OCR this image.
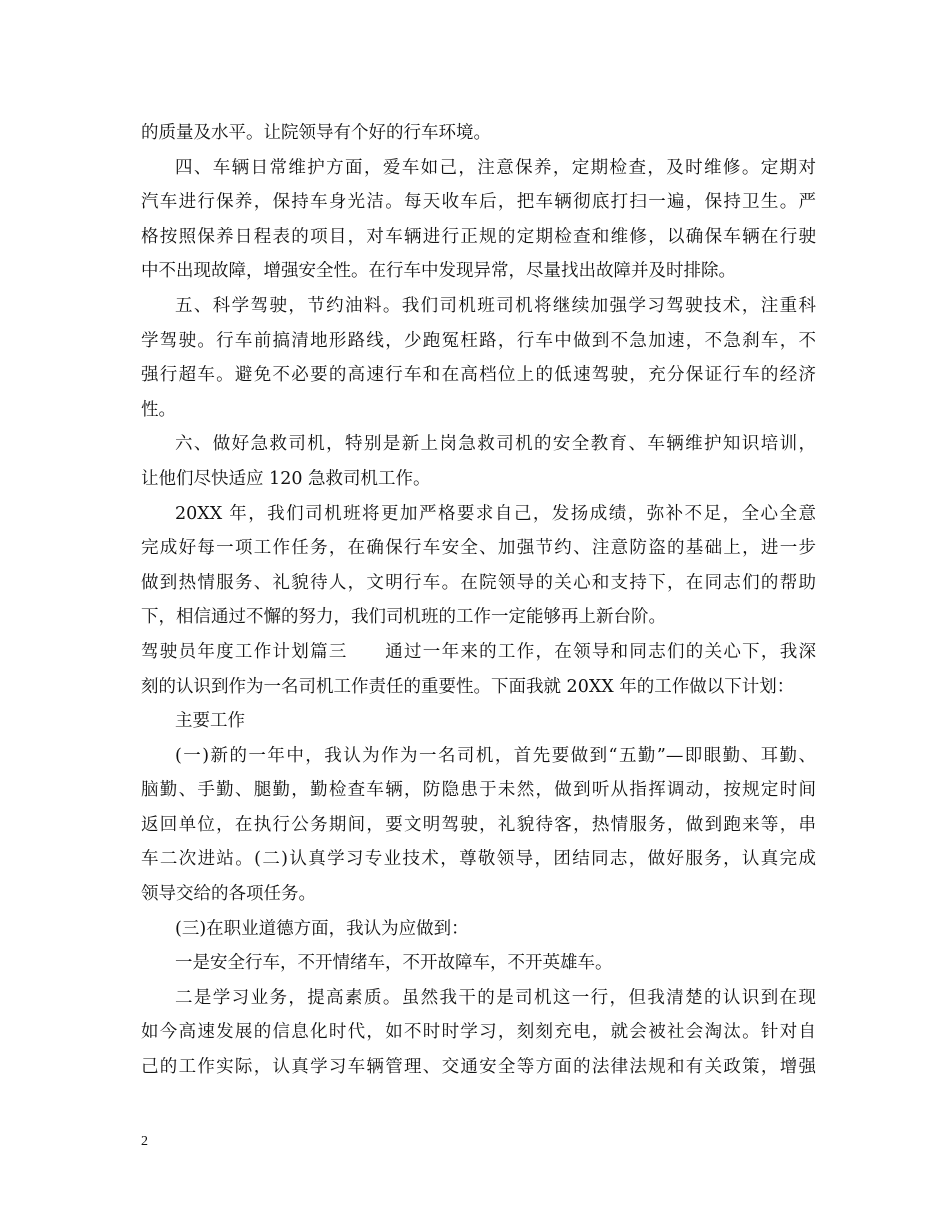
的质量及水平。让院领导有个好的行车环境。
四、车辆日常维护方面，爱车如己，注意保养，定期检查，及时维修。定期对
汽车进行保养，保持车身光洁。每天收车后，把车辆彻底打扫一遍，保持卫生。严
格按照保养日程表的项目，对车辆进行正规的定期检查和维修，以确保车辆在行驶
中不出现故障，增强安全性。在行车中发现异常，尽量找出故障并及时排除。
五、科学驾驶，节约油料。我们司机班司机将继续加强学习驾驶技术，注重科
学驾驶。行车前搞清地形路线，少跑冤枉路，行车中做到不急加速，不急刹车，不
强行超车。避免不必要的高速行车和在高档位上的低速驾驶，充分保证行车的经济
性。
六、做好急救司机，特别是新上岗急救司机的安全教育、车辆维护知识培训，
让他们尽快适应 120 急救司机工作。
20XX 年，我们司机班将更加严格要求自己，发扬成绩，弥补不足，全心全意
完成好每一项工作任务，在确保行车安全、加强节约、注意防盗的基础上，进一步
做到热情服务、礼貌待人，文明行车。在院领导的关心和支持下，在同志们的帮助
下，相信通过不懈的努力，我们司机班的工作一定能够再上新台阶。
驾驶员年度工作计划篇三　　通过一年来的工作，在领导和同志们的关心下，我深
刻的认识到作为一名司机工作责任的重要性。下面我就 20XX 年的工作做以下计划：
主要工作
(一)新的一年中，我认为作为一名司机，首先要做到“五勤”—即眼勤、耳勤、
脑勤、手勤、腿勤，勤检查车辆，防隐患于未然，做到听从指挥调动，按规定时间
返回单位，在执行公务期间，要文明驾驶，礼貌待客，热情服务，做到跑来等，串
车二次进站。(二)认真学习专业技术，尊敬领导，团结同志，做好服务，认真完成
领导交给的各项任务。
(三)在职业道德方面，我认为应做到：
一是安全行车，不开情绪车，不开故障车，不开英雄车。
二是学习业务，提高素质。虽然我干的是司机这一行，但我清楚的认识到在现
如今高速发展的信息化时代，如不时时学习，刻刻充电，就会被社会淘汰。针对自
己的工作实际，认真学习车辆管理、交通安全等方面的法律法规和有关政策，增强
2
